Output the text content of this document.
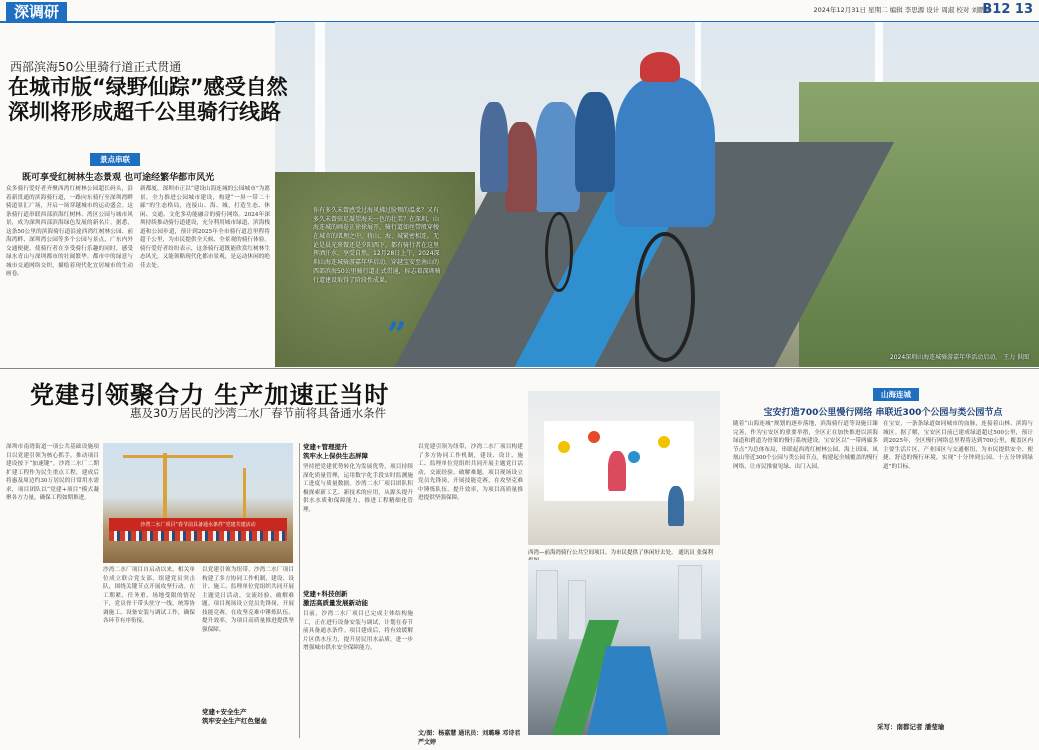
深调研	2024年12月31日 星期二 编辑 李思源 设计 周淑 校对 刘鹏林
B12 13
你有多久未曾感受过海风拂过脸颊的温柔？又有多久未曾驻足凝望海天一色的壮美？在深圳，山海连城的画卷正徐徐展开，骑行道如丝带般穿梭在城市的肌理之中，将山、海、城紧密相连。无论是晨光熹微还是夕阳西下，都有骑行者在这里挥洒汗水、享受自然。12月28日上午，2024深圳山海连城骑游嘉年华启动，穿越宝安至南山的西部滨海50公里骑行道正式贯通，标志着深圳骑行道建设取得了阶段性成果。
”
2024深圳山海连城骑游嘉年华活动启动。 王力 供图
西部滨海50公里骑行道正式贯通
在城市版“绿野仙踪”感受自然
深圳将形成超千公里骑行线路
景点串联
既可享受红树林生态景观 也可途经繁华都市风光
众多骑行爱好者齐聚西湾红树林公园超长码头，沿着新贯通的滨海骑行道，一路向东骑行至深圳湾畔骑道景汇广场，开启一场穿越城市的运动盛会。这条骑行道串联西部滨海红树林、湾区公园与城市风景，成为深圳西部滨海绿色发展的新名片。据悉，这条50公里的滨海骑行道沿途西湾红树林公园、前海湾畔、深圳湾公园等多个公园与景点，广东内外交通便捷，使骑行者在享受骑行乐趣的同时，感受绿水青山与深圳都市的壮阔繁华。都市中的绿意与城市交通网络交织，描绘着现代化宜居城市的生动画卷。
新都厦，深圳市正以“建设山海连城的公园城市”为愿景，全力推进公园城市建设，构建“一屏一带二十廊”的生态格局，连接山、海、城，打造生态、休闲、交通、文化多功能融合的骑行网络。2024年深圳持续推动骑行道建设，充分利用城市绿道、滨海栈道和公园步道，预计到2025年全市骑行道总里程将超千公里，为市民提供全天候、全景观的骑行体验。骑行爱好者纷纷表示，这条骑行道既能欣赏红树林生态风光，又能领略现代化都市景观，是运动休闲的绝佳去处。
党建引领聚合力 生产加速正当时
惠及30万居民的沙湾二水厂春节前将具备通水条件
深圳市南湾街道一项公共基础设施项目以党建引领为核心抓手，推动项目建设按下“加速键”。沙湾二水厂二期扩建工程作为民生重点工程，建成后将惠及周边约30万居民的日常用水需求，项目团队以“党建+项目”模式凝聚各方力量，确保工程如期推进。
沙湾二水厂项目“春节前具备通水条件”党建共建活动
沙湾二水厂项目自启动以来，相关单位成立联合党支部，组建党员突击队，围绕关键节点开展攻坚行动。在工期紧、任务重、场地受限的情况下，党员骨干带头驻守一线，统筹协调施工、设备安装与调试工作，确保各环节有序衔接。
以党建引领为纽带，沙湾二水厂项目构建了多方协同工作机制，建设、设计、施工、监理单位党组织共同开展主题党日活动，交流经验、破解难题。项目现场设立党员先锋岗，开展技能竞赛，在攻坚克难中锤炼队伍、提升效率，为项目高质量推进提供坚强保障。
党建+管理提升
筑牢水上保供生态屏障
坚持把党建优势转化为发展优势，项目持续深化质量管理，运用数字化手段实时监测施工进度与质量数据。沙湾二水厂项目团队积极探索新工艺、新技术的应用，从源头提升供水水质和保障能力，推进工程精细化管理。
党建+科技创新
激活高质量发展新动能
目前，沙湾二水厂项目已完成主体结构施工，正在进行设备安装与调试，计划在春节前具备通水条件。项目建成后，将有效缓解片区供水压力，提升居民用水品质，进一步增强城市供水安全保障能力。
党建+安全生产
筑牢安全生产红色堡垒
以党建引领为纽带，沙湾二水厂项目构建了多方协同工作机制，建设、设计、施工、监理单位党组织共同开展主题党日活动，交流经验、破解难题。项目现场设立党员先锋岗，开展技能竞赛，在攻坚克难中锤炼队伍、提升效率，为项目高质量推进提供坚强保障。
文/图：杨嘉慧 通讯员：刘璐琳 邓诗君 严文婷
西湾—前海湾骑行公共空间项目，为市民提供了休闲好去处。 通讯员 张保利
山海连城
宝安打造700公里慢行网络 串联近300个公园与类公园节点
随着“山海连城”规划的逐步落地，滨海骑行道等设施日臻完善，作为宝安区的重要举措，全区正在加快推进以滨海绿道和碧道为骨架的慢行系统建设。宝安区以“一带两廊多节点”为总体布局，串联起西湾红树林公园、海上田园、凤凰山等近300个公园与类公园节点，构建起全域覆盖的慢行网络，让市民推窗见绿、出门入园。
在宝安，一条条绿道如同城市的血脉，连接着山林、滨海与城区。据了解，宝安区目前已建成绿道超过500公里，预计到2025年，全区慢行网络总里程将达到700公里，覆盖区内主要生活片区、产业园区与交通枢纽，为市民提供安全、便捷、舒适的慢行环境，实现“十分钟到公园、十五分钟到绿道”的目标。
采写：南都记者 潘莹瑜
